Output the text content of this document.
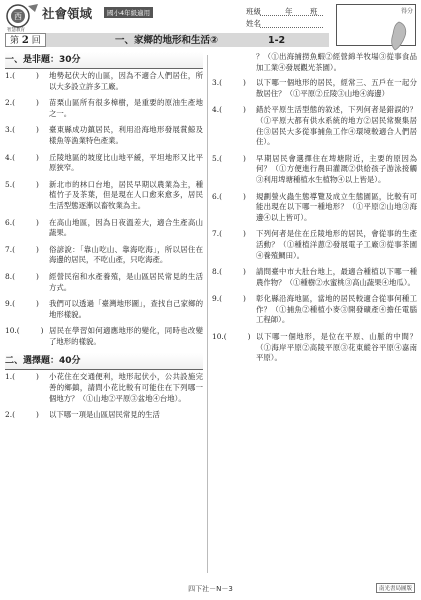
西
智慧教育
社會領域	國小4年級適用	班級	年 班
姓名
得分
第 2 回	一、家鄉的地形和生活②	1-2
一、是非題：30分
1.(	) 地勢起伏大的山區，因為不適合人們居住，所以大多設立許多工廠。
2.(	) 苗栗山區所有很多樟樹，是重要的原油生產地之一。
3.(	) 臺東縣成功鎮居民，利用沿海地形發展賞鯨及樣魚等漁業特色產業。
4.(	) 丘陵地區的坡度比山地平緩，平坦地形又比平原狹窄。
5.(	) 新北市的林口台地，居民早期以農業為主，種植竹子及茶葉，但是現在人口愈來愈多，居民生活型態逐漸以畜牧業為主。
6.(	) 在高山地區，因為日夜溫差大，適合生產高山蔬果。
7.(	) 俗諺說：「靠山吃山、靠海吃海」，所以居住在海邊的居民，不吃山產，只吃海產。
8.(	) 經營民宿和水產養殖，是山區居民常見的生活方式。
9.(	) 我們可以透過「臺灣地形圖」，查找自己家鄉的地形樣貌。
10.(	) 居民在學習如何適應地形的變化，同時也改變了地形的樣貌。
二、選擇題：40分
1.(	) 小花住在交通便利，地形起伏小，公共設施完善的鄉鎮，請問小花比較有可能住在下列哪一個地方？（①山地②平原③盆地④台地）。
2.(	) 以下哪一項是山區居民常見的生活
？（①出海捕撈魚蝦②經營綿羊牧場③從事食品加工業④發展觀光茶園）。
3.(	) 以下哪一個地形的居民，經常三、五戶在一起分散居住？（①平原②丘陵③山地④海邊）
4.(	) 錯於平原生活型態的敘述，下列何者是錯誤的？（①平原大都有供水系統的地方②居民常聚集居住③居民大多從事捕魚工作④環境較適合人們居住）。
5.(	) 早期居民會選擇住在埤塘附近，主要的原因為何？（①方便進行農田灌溉②供給孩子游泳接觸③利用埤塘種植水生植物④以上皆是）。
6.(	) 規劃螢火蟲生態導覽及成立生態園區，比較有可能出現在以下哪一種地形？（①平原②山地③海邊④以上皆可）。
7.(	) 下列何者是住在丘陵地形的居民，會從事的生產活動？（①種植洋蔥②發展電子工廠③從事茶園④養殖鯛田）。
8.(	) 請問臺中市大肚台地上，最適合種植以下哪一種農作物？（①種樹②水蜜桃③高山蔬果④地瓜）。
9.(	) 彰化縣沿海地區，當地的居民較適合從事何種工作？（①捕魚②種植小麥③開發礦產④擔任電腦工程師）。
10.(	) 以下哪一個地形，是位在平原、山脈的中間？（①海岸平原②高陵平原③花東縱谷平原④嘉南平原）。
四下社－N－3	南光書局圖版
